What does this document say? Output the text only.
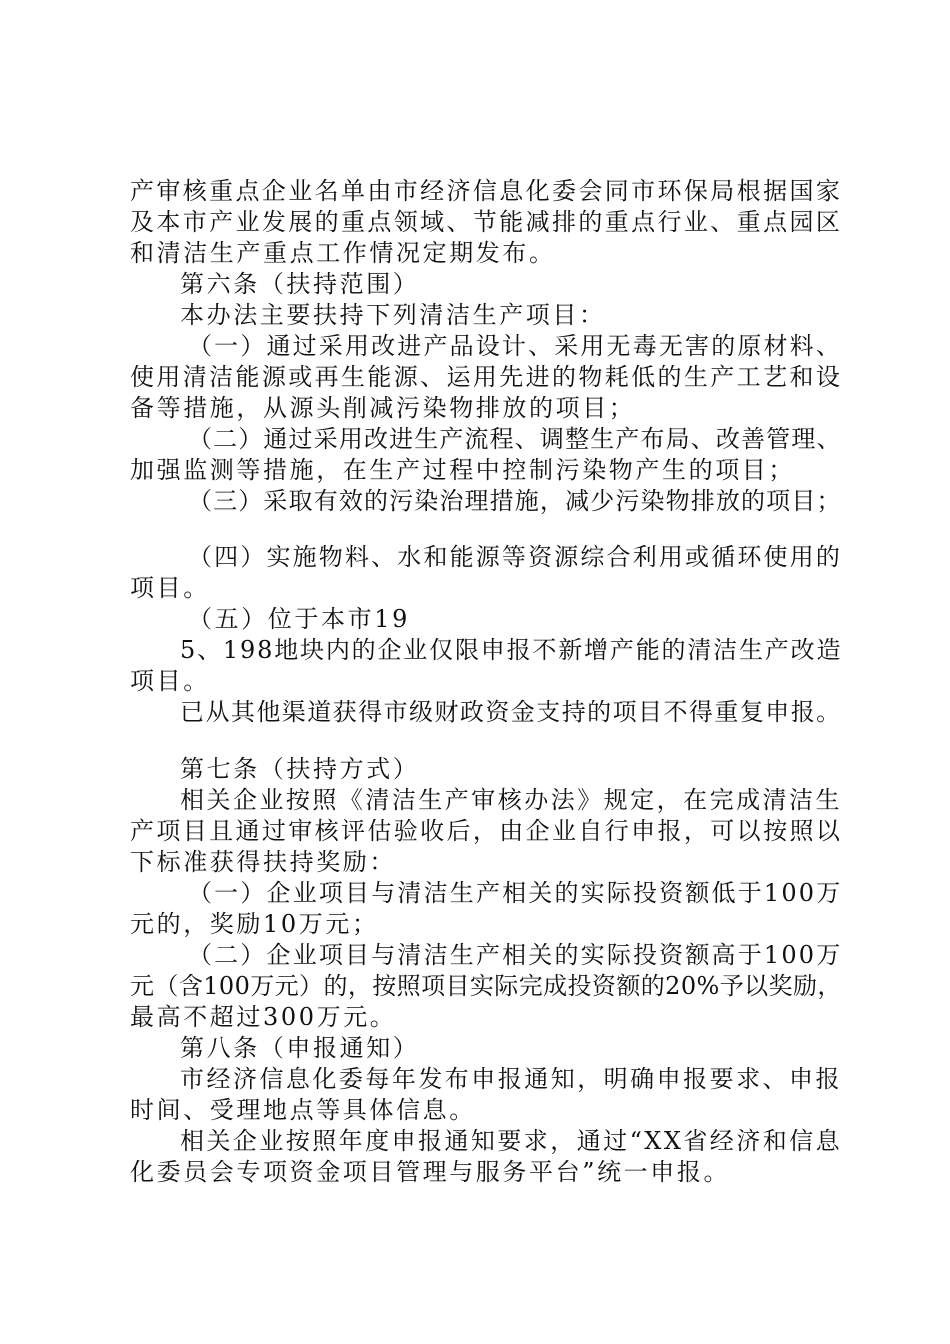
产审核重点企业名单由市经济信息化委会同市环保局根据国家

及本市产业发展的重点领域、节能减排的重点行业、重点园区

和清洁生产重点工作情况定期发布。

第六条（扶持范围）

本办法主要扶持下列清洁生产项目：

（一）通过采用改进产品设计、采用无毒无害的原材料、

使用清洁能源或再生能源、运用先进的物耗低的生产工艺和设

备等措施，从源头削减污染物排放的项目；

（二）通过采用改进生产流程、调整生产布局、改善管理、

加强监测等措施，在生产过程中控制污染物产生的项目；

（三）采取有效的污染治理措施，减少污染物排放的项目；

（四）实施物料、水和能源等资源综合利用或循环使用的

项目。

（五）位于本市19

5、198地块内的企业仅限申报不新增产能的清洁生产改造

项目。

已从其他渠道获得市级财政资金支持的项目不得重复申报。

第七条（扶持方式）

相关企业按照《清洁生产审核办法》规定，在完成清洁生

产项目且通过审核评估验收后，由企业自行申报，可以按照以

下标准获得扶持奖励：

（一）企业项目与清洁生产相关的实际投资额低于100万

元的，奖励10万元；

（二）企业项目与清洁生产相关的实际投资额高于100万

元（含100万元）的，按照项目实际完成投资额的20%予以奖励，

最高不超过300万元。

第八条（申报通知）

市经济信息化委每年发布申报通知，明确申报要求、申报

时间、受理地点等具体信息。

相关企业按照年度申报通知要求，通过“XX省经济和信息

化委员会专项资金项目管理与服务平台”统一申报。
